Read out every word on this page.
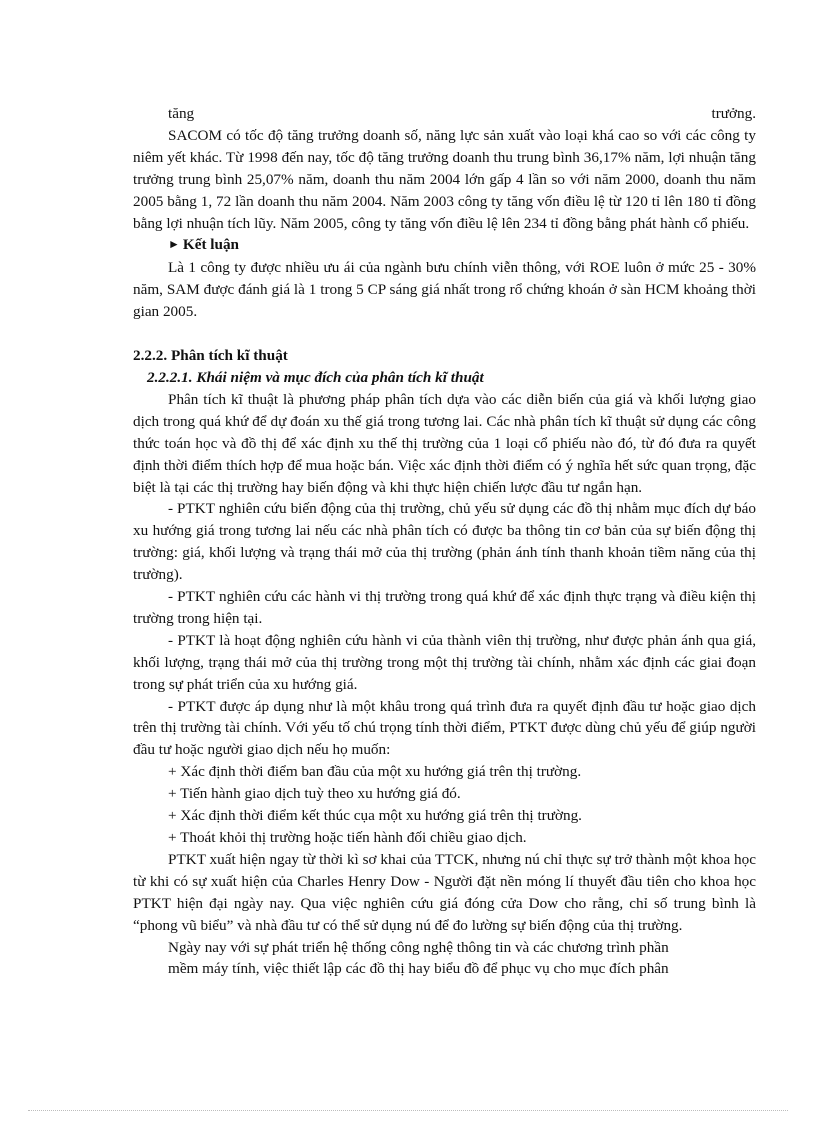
tăng	trưởng.

SACOM có tốc độ tăng trưởng doanh số, năng lực sản xuất vào loại khá cao so với các công ty niêm yết khác. Từ 1998 đến nay, tốc độ tăng trưởng doanh thu trung bình 36,17% năm, lợi nhuận tăng trưởng trung bình 25,07% năm, doanh thu năm 2004 lớn gấp 4 lần so với năm 2000, doanh thu năm 2005 bằng 1, 72 lần doanh thu năm 2004. Năm 2003 công ty tăng vốn điều lệ từ 120 tỉ lên 180 tỉ đồng bằng lợi nhuận tích lũy. Năm 2005, công ty tăng vốn điều lệ lên 234 tỉ đồng bằng phát hành cổ phiếu.

► Kết luận

Là 1 công ty được nhiều ưu ái của ngành bưu chính viễn thông, với ROE luôn ở mức 25 - 30% năm, SAM được đánh giá là 1 trong 5 CP sáng giá nhất trong rổ chứng khoán ở sàn HCM khoảng thời gian 2005.

2.2.2. Phân tích kĩ thuật

2.2.2.1. Khái niệm và mục đích của phân tích kĩ thuật

Phân tích kĩ thuật là phương pháp phân tích dựa vào các diễn biến của giá và khối lượng giao dịch trong quá khứ để dự đoán xu thế giá trong tương lai. Các nhà phân tích kĩ thuật sử dụng các công thức toán học và đồ thị để xác định xu thế thị trường của 1 loại cổ phiếu nào đó, từ đó đưa ra quyết định thời điểm thích hợp để mua hoặc bán. Việc xác định thời điểm có ý nghĩa hết sức quan trọng, đặc biệt là tại các thị trường hay biến động và khi thực hiện chiến lược đầu tư ngắn hạn.

- PTKT nghiên cứu biến động của thị trường, chủ yếu sử dụng các đồ thị nhằm mục đích dự báo xu hướng giá trong tương lai nếu các nhà phân tích có được ba thông tin cơ bản của sự biến động thị trường: giá, khối lượng và trạng thái mở của thị trường (phản ánh tính thanh khoản tiềm năng của thị trường).

- PTKT nghiên cứu các hành vi thị trường trong quá khứ để xác định thực trạng và điều kiện thị trường trong hiện tại.

- PTKT là hoạt động nghiên cứu hành vi của thành viên thị trường, như được phản ánh qua giá, khối lượng, trạng thái mở của thị trường trong một thị trường tài chính, nhằm xác định các giai đoạn trong sự phát triển của xu hướng giá.

- PTKT được áp dụng như là một khâu trong quá trình đưa ra quyết định đầu tư hoặc giao dịch trên thị trường tài chính. Với yếu tố chú trọng tính thời điểm, PTKT được dùng chủ yếu để giúp người đầu tư hoặc người giao dịch nếu họ muốn:

+ Xác định thời điểm ban đầu của một xu hướng giá trên thị trường.

+ Tiến hành giao dịch tuỳ theo xu hướng giá đó.

+ Xác định thời điểm kết thúc cụa một xu hướng giá trên thị trường.

+ Thoát khỏi thị trường hoặc tiến hành đối chiều giao dịch.

PTKT xuất hiện ngay từ thời kì sơ khai của TTCK, nhưng nú chỉ thực sự trở thành một khoa học từ khi có sự xuất hiện của Charles Henry Dow - Người đặt nền móng lí thuyết đầu tiên cho khoa học PTKT hiện đại ngày nay. Qua việc nghiên cứu giá đóng cửa Dow cho rằng, chỉ số trung bình là “phong vũ biểu” và nhà đầu tư có thể sử dụng nú để đo lường sự biến động của thị trường.

Ngày nay với sự phát triển hệ thống công nghệ thông tin và các chương trình phần

mềm máy tính, việc thiết lập các đồ thị hay biểu đồ để phục vụ cho mục đích phân
